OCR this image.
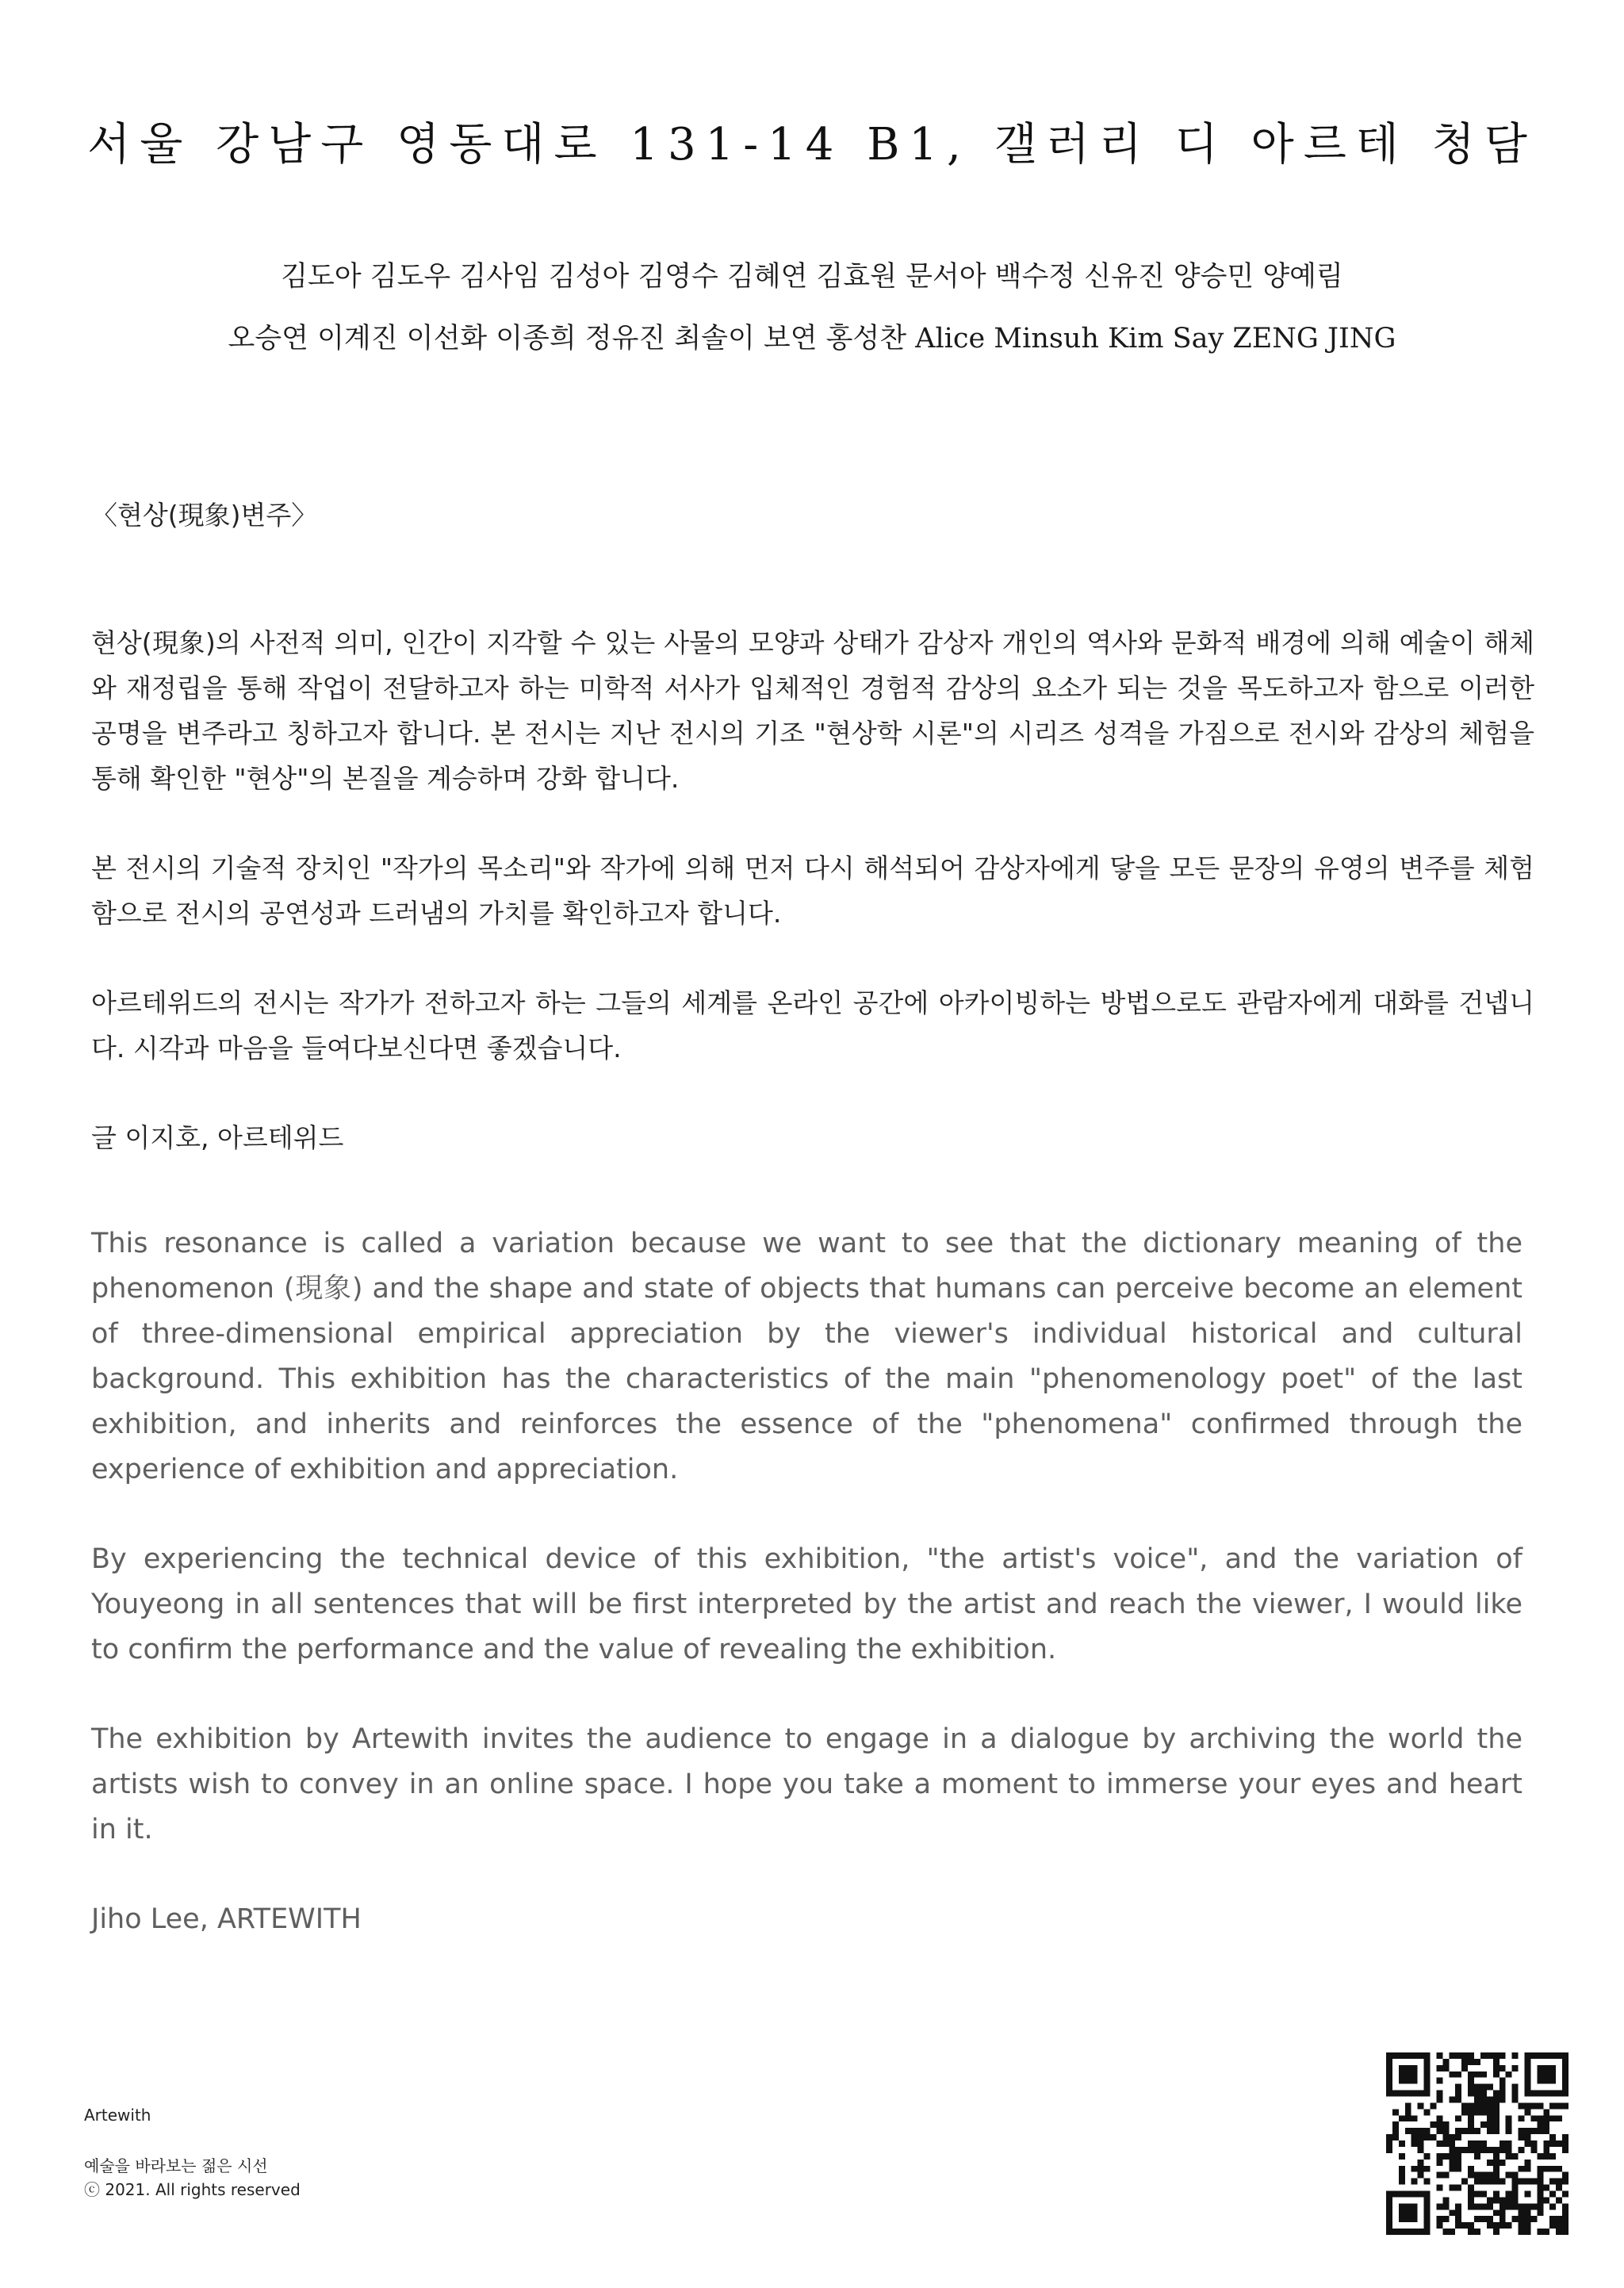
서울 강남구 영동대로 131-14 B1, 갤러리 디 아르테 청담
김도아 김도우 김사임 김성아 김영수 김혜연 김효원 문서아 백수정 신유진 양승민 양예림
오승연 이계진 이선화 이종희 정유진 최솔이 보연 홍성찬 Alice Minsuh Kim Say ZENG JING
〈현상(現象)변주〉

현상(現象)의 사전적 의미, 인간이 지각할 수 있는 사물의 모양과 상태가 감상자 개인의 역사와 문화적 배경에 의해 예술이 해체와 재정립을 통해 작업이 전달하고자 하는 미학적 서사가 입체적인 경험적 감상의 요소가 되는 것을 목도하고자 함으로 이러한 공명을 변주라고 칭하고자 합니다. 본 전시는 지난 전시의 기조 "현상학 시론"의 시리즈 성격을 가짐으로 전시와 감상의 체험을 통해 확인한 "현상"의 본질을 계승하며 강화 합니다.

본 전시의 기술적 장치인 "작가의 목소리"와 작가에 의해 먼저 다시 해석되어 감상자에게 닿을 모든 문장의 유영의 변주를 체험함으로 전시의 공연성과 드러냄의 가치를 확인하고자 합니다.

아르테위드의 전시는 작가가 전하고자 하는 그들의 세계를 온라인 공간에 아카이빙하는 방법으로도 관람자에게 대화를 건넵니다. 시각과 마음을 들여다보신다면 좋겠습니다.

글 이지호, 아르테위드

This resonance is called a variation because we want to see that the dictionary meaning of the phenomenon (現象) and the shape and state of objects that humans can perceive become an element of three-dimensional empirical appreciation by the viewer's individual historical and cultural background. This exhibition has the characteristics of the main "phenomenology poet" of the last exhibition, and inherits and reinforces the essence of the "phenomena" confirmed through the experience of exhibition and appreciation.

By experiencing the technical device of this exhibition, "the artist's voice", and the variation of Youyeong in all sentences that will be first interpreted by the artist and reach the viewer, I would like to confirm the performance and the value of revealing the exhibition.

The exhibition by Artewith invites the audience to engage in a dialogue by archiving the world the artists wish to convey in an online space. I hope you take a moment to immerse your eyes and heart in it.

Jiho Lee, ARTEWITH

Artewith
예술을 바라보는 젊은 시선
ⓒ 2021. All rights reserved
